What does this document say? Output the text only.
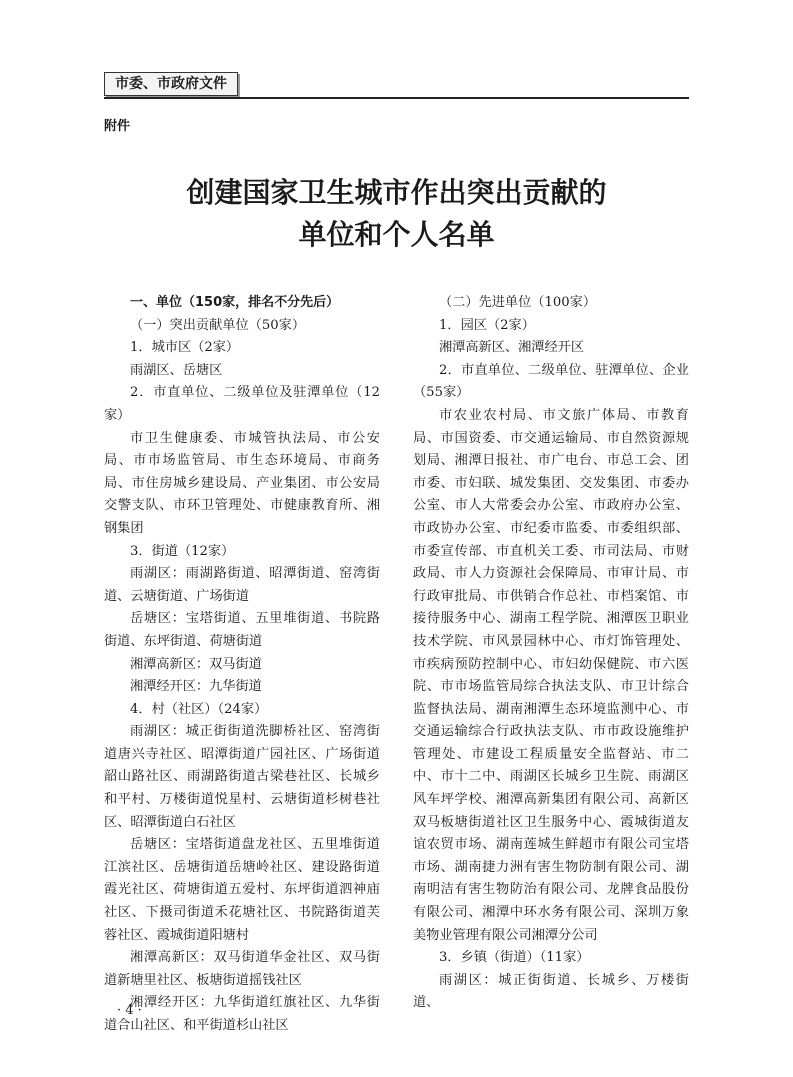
市委、市政府文件
附件
创建国家卫生城市作出突出贡献的
单位和个人名单

一、单位（150家，排名不分先后）

（一）突出贡献单位（50家）

1．城市区（2家）

雨湖区、岳塘区

2．市直单位、二级单位及驻潭单位（12家）

市卫生健康委、市城管执法局、市公安局、市市场监管局、市生态环境局、市商务局、市住房城乡建设局、产业集团、市公安局交警支队、市环卫管理处、市健康教育所、湘钢集团

3．街道（12家）

雨湖区：雨湖路街道、昭潭街道、窑湾街道、云塘街道、广场街道

岳塘区：宝塔街道、五里堆街道、书院路街道、东坪街道、荷塘街道

湘潭高新区：双马街道

湘潭经开区：九华街道

4．村（社区）（24家）

雨湖区：城正街街道洗脚桥社区、窑湾街道唐兴寺社区、昭潭街道广园社区、广场街道韶山路社区、雨湖路街道古梁巷社区、长城乡和平村、万楼街道悦星村、云塘街道杉树巷社区、昭潭街道白石社区

岳塘区：宝塔街道盘龙社区、五里堆街道江滨社区、岳塘街道岳塘岭社区、建设路街道霞光社区、荷塘街道五爱村、东坪街道泗神庙社区、下摄司街道禾花塘社区、书院路街道芙蓉社区、霞城街道阳塘村

湘潭高新区：双马街道华金社区、双马街道新塘里社区、板塘街道摇钱社区

湘潭经开区：九华街道红旗社区、九华街道合山社区、和平街道杉山社区

（二）先进单位（100家）

1．园区（2家）

湘潭高新区、湘潭经开区

2．市直单位、二级单位、驻潭单位、企业（55家）

市农业农村局、市文旅广体局、市教育局、市国资委、市交通运输局、市自然资源规划局、湘潭日报社、市广电台、市总工会、团市委、市妇联、城发集团、交发集团、市委办公室、市人大常委会办公室、市政府办公室、市政协办公室、市纪委市监委、市委组织部、市委宣传部、市直机关工委、市司法局、市财政局、市人力资源社会保障局、市审计局、市行政审批局、市供销合作总社、市档案馆、市接待服务中心、湖南工程学院、湘潭医卫职业技术学院、市风景园林中心、市灯饰管理处、市疾病预防控制中心、市妇幼保健院、市六医院、市市场监管局综合执法支队、市卫计综合监督执法局、湖南湘潭生态环境监测中心、市交通运输综合行政执法支队、市市政设施维护管理处、市建设工程质量安全监督站、市二中、市十二中、雨湖区长城乡卫生院、雨湖区风车坪学校、湘潭高新集团有限公司、高新区双马板塘街道社区卫生服务中心、霞城街道友谊农贸市场、湖南莲城生鲜超市有限公司宝塔市场、湖南捷力洲有害生物防制有限公司、湖南明洁有害生物防治有限公司、龙牌食品股份有限公司、湘潭中环水务有限公司、深圳万象美物业管理有限公司湘潭分公司

3．乡镇（街道）（11家）

雨湖区：城正街街道、长城乡、万楼街道、

· 4 ·
